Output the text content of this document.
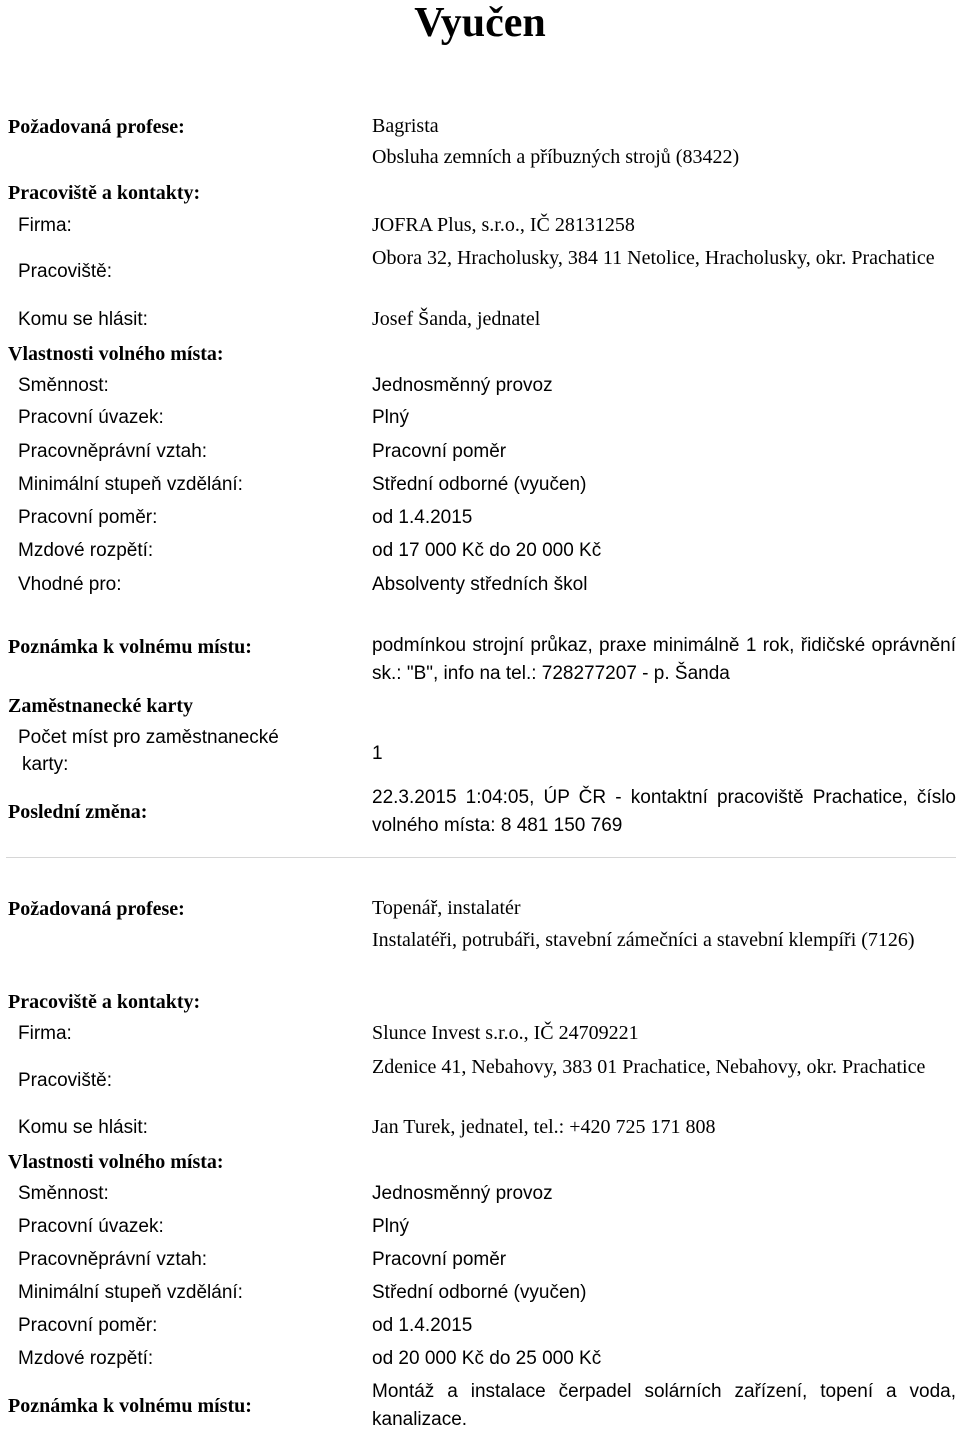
Vyučen
Požadovaná profese:	Bagrista
Obsluha zemních a příbuzných strojů (83422)
Pracoviště a kontakty:
Firma:	JOFRA Plus, s.r.o., IČ 28131258
Pracoviště:
Obora 32, Hracholusky, 384 11 Netolice, Hracholusky, okr. Prachatice
Komu se hlásit:	Josef Šanda, jednatel
Vlastnosti volného místa:
Směnnost:	Jednosměnný provoz
Pracovní úvazek:	Plný
Pracovněprávní vztah:	Pracovní poměr
Minimální stupeň vzdělání:	Střední odborné (vyučen)
Pracovní poměr:	od 1.4.2015
Mzdové rozpětí:	od 17 000 Kč do 20 000 Kč
Vhodné pro:	Absolventy středních škol
Poznámka k volnému místu:	podmínkou strojní průkaz, praxe minimálně 1 rok, řidičské oprávnění sk.: "B", info na tel.: 728277207 - p. Šanda
Zaměstnanecké karty
Počet míst pro zaměstnanecké
karty:
1
Poslední změna:
22.3.2015 1:04:05, ÚP ČR - kontaktní pracoviště Prachatice, číslo volného místa: 8 481 150 769
Požadovaná profese:	Topenář, instalatér
Instalatéři, potrubáři, stavební zámečníci a stavební klempíři (7126)
Pracoviště a kontakty:
Firma:	Slunce Invest s.r.o., IČ 24709221
Pracoviště:
Zdenice 41, Nebahovy, 383 01 Prachatice, Nebahovy, okr. Prachatice
Komu se hlásit:	Jan Turek, jednatel, tel.: +420 725 171 808
Vlastnosti volného místa:
Směnnost:	Jednosměnný provoz
Pracovní úvazek:	Plný
Pracovněprávní vztah:	Pracovní poměr
Minimální stupeň vzdělání:	Střední odborné (vyučen)
Pracovní poměr:	od 1.4.2015
Mzdové rozpětí:	od 20 000 Kč do 25 000 Kč
Poznámka k volnému místu:
Montáž a instalace čerpadel solárních zařízení, topení a voda, kanalizace.
